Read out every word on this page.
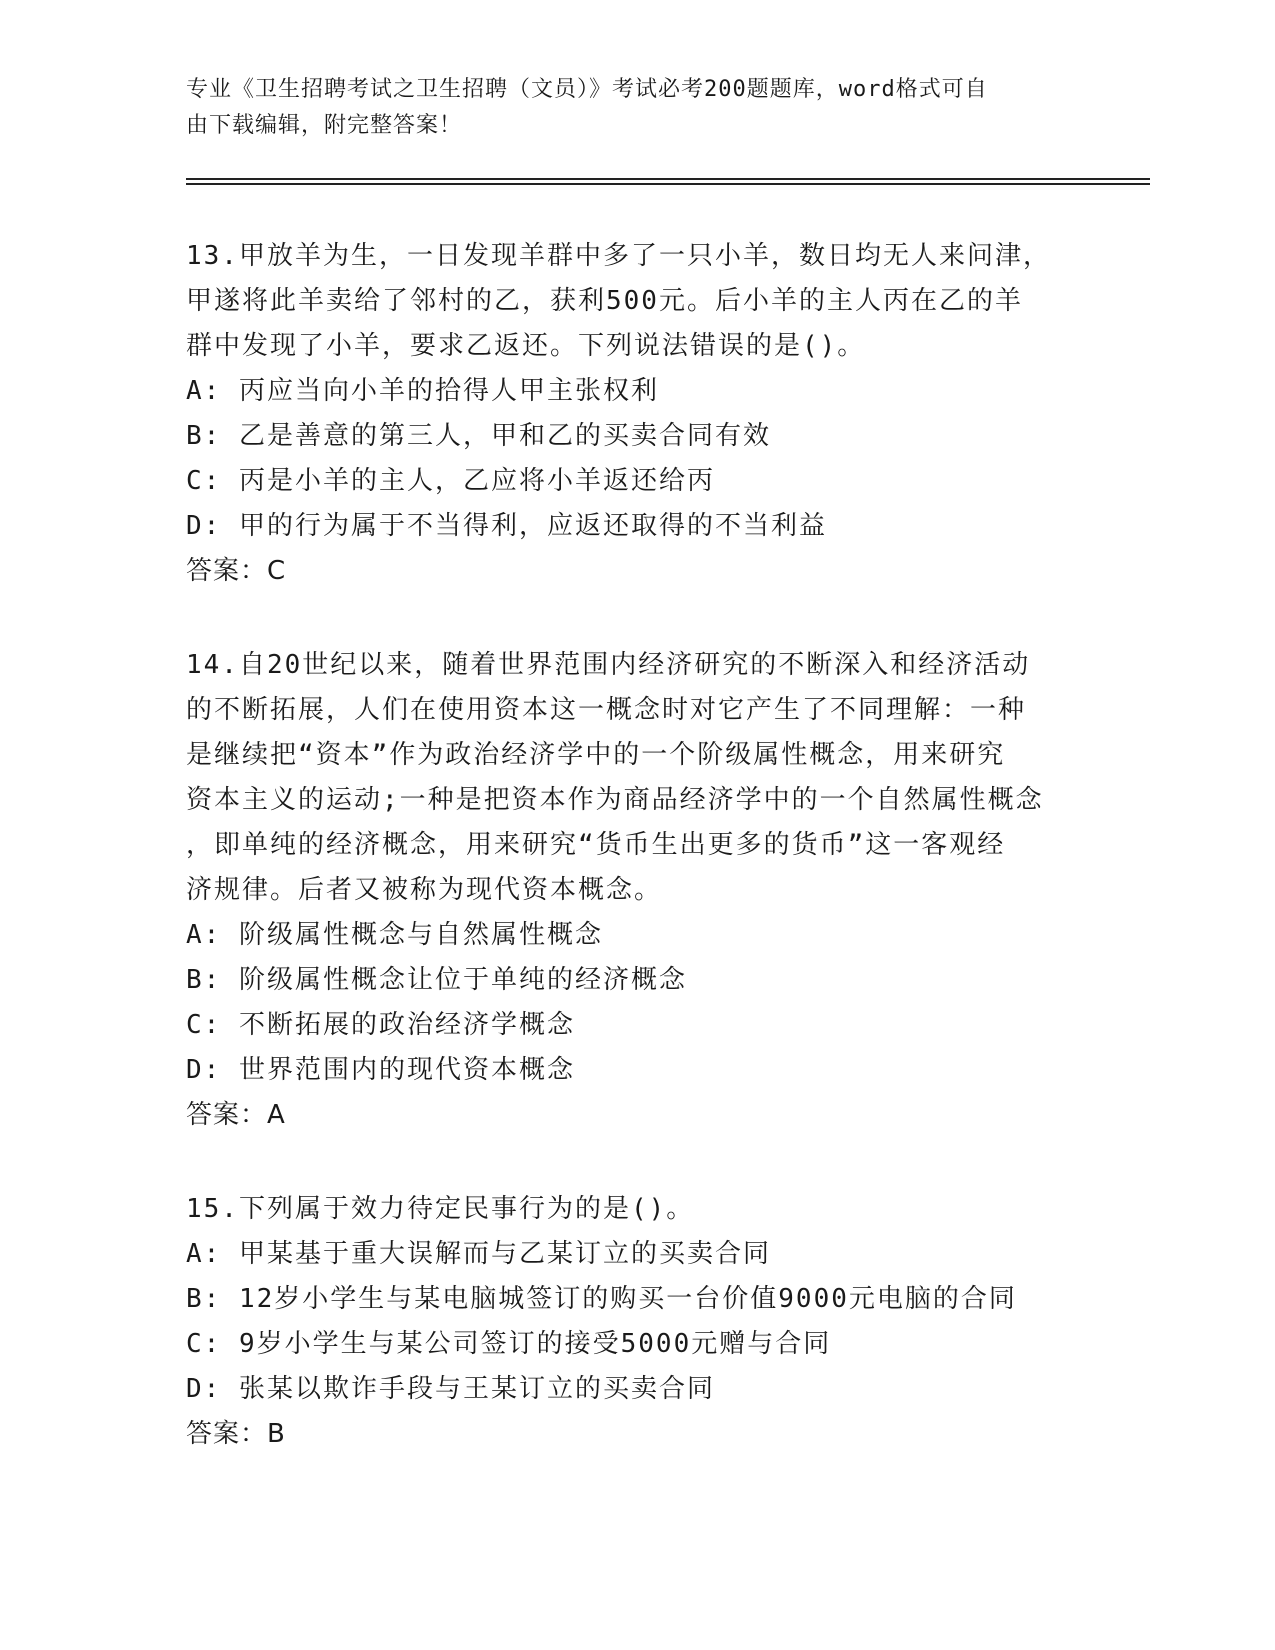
专业《卫生招聘考试之卫生招聘（文员）》考试必考200题题库，word格式可自
由下载编辑，附完整答案！
13.甲放羊为生，一日发现羊群中多了一只小羊，数日均无人来问津，
甲遂将此羊卖给了邻村的乙，获利500元。后小羊的主人丙在乙的羊
群中发现了小羊，要求乙返还。下列说法错误的是()。
A: 丙应当向小羊的拾得人甲主张权利
B: 乙是善意的第三人，甲和乙的买卖合同有效
C: 丙是小羊的主人，乙应将小羊返还给丙
D: 甲的行为属于不当得利，应返还取得的不当利益
答案：C
14.自20世纪以来，随着世界范围内经济研究的不断深入和经济活动
的不断拓展，人们在使用资本这一概念时对它产生了不同理解：一种
是继续把“资本”作为政治经济学中的一个阶级属性概念，用来研究
资本主义的运动;一种是把资本作为商品经济学中的一个自然属性概念
，即单纯的经济概念，用来研究“货币生出更多的货币”这一客观经
济规律。后者又被称为现代资本概念。
A: 阶级属性概念与自然属性概念
B: 阶级属性概念让位于单纯的经济概念
C: 不断拓展的政治经济学概念
D: 世界范围内的现代资本概念
答案：A
15.下列属于效力待定民事行为的是()。
A: 甲某基于重大误解而与乙某订立的买卖合同
B: 12岁小学生与某电脑城签订的购买一台价值9000元电脑的合同
C: 9岁小学生与某公司签订的接受5000元赠与合同
D: 张某以欺诈手段与王某订立的买卖合同
答案：B
